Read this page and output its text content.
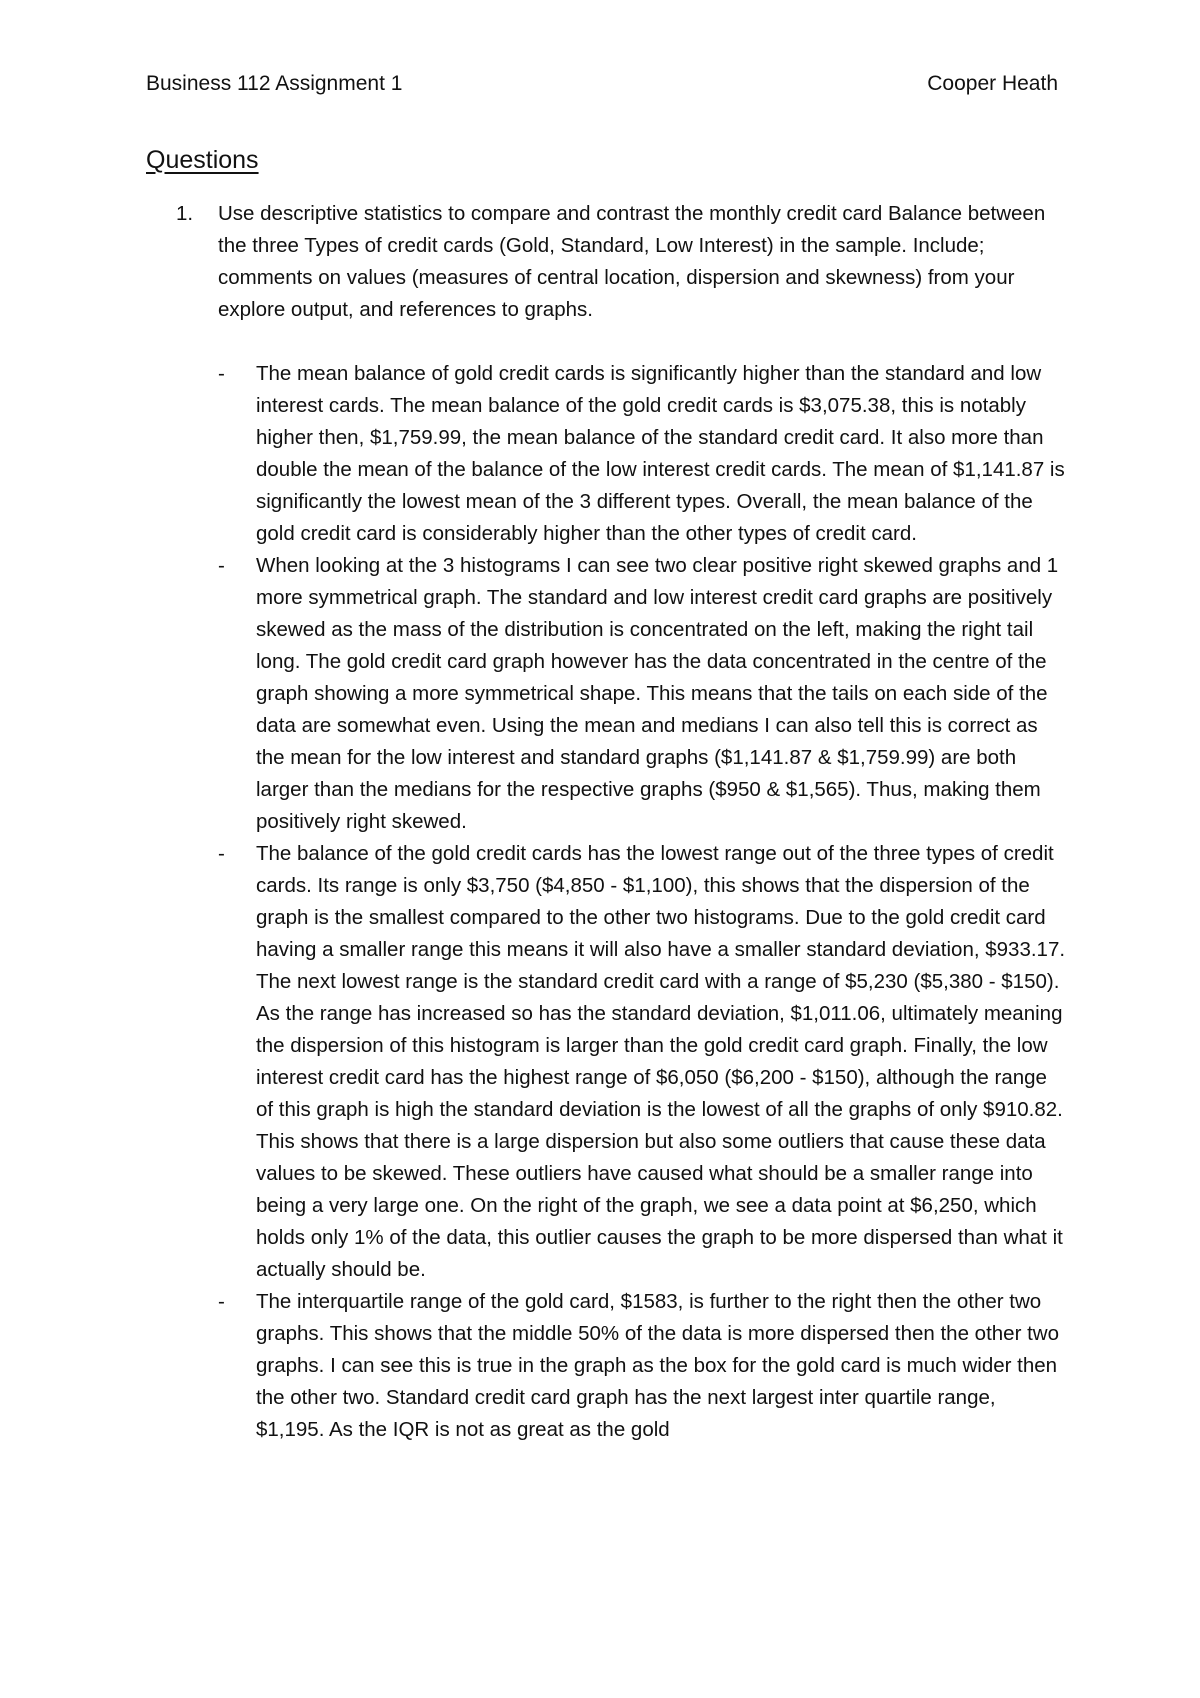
Business 112 Assignment 1	Cooper Heath
Questions
1. Use descriptive statistics to compare and contrast the monthly credit card Balance between the three Types of credit cards (Gold, Standard, Low Interest) in the sample. Include; comments on values (measures of central location, dispersion and skewness) from your explore output, and references to graphs.
- The mean balance of gold credit cards is significantly higher than the standard and low interest cards. The mean balance of the gold credit cards is $3,075.38, this is notably higher then, $1,759.99, the mean balance of the standard credit card. It also more than double the mean of the balance of the low interest credit cards. The mean of $1,141.87 is significantly the lowest mean of the 3 different types. Overall, the mean balance of the gold credit card is considerably higher than the other types of credit card.
- When looking at the 3 histograms I can see two clear positive right skewed graphs and 1 more symmetrical graph. The standard and low interest credit card graphs are positively skewed as the mass of the distribution is concentrated on the left, making the right tail long. The gold credit card graph however has the data concentrated in the centre of the graph showing a more symmetrical shape. This means that the tails on each side of the data are somewhat even. Using the mean and medians I can also tell this is correct as the mean for the low interest and standard graphs ($1,141.87 & $1,759.99) are both larger than the medians for the respective graphs ($950 & $1,565). Thus, making them positively right skewed.
- The balance of the gold credit cards has the lowest range out of the three types of credit cards. Its range is only $3,750 ($4,850 - $1,100), this shows that the dispersion of the graph is the smallest compared to the other two histograms. Due to the gold credit card having a smaller range this means it will also have a smaller standard deviation, $933.17. The next lowest range is the standard credit card with a range of $5,230 ($5,380 - $150). As the range has increased so has the standard deviation, $1,011.06, ultimately meaning the dispersion of this histogram is larger than the gold credit card graph. Finally, the low interest credit card has the highest range of $6,050 ($6,200 - $150), although the range of this graph is high the standard deviation is the lowest of all the graphs of only $910.82. This shows that there is a large dispersion but also some outliers that cause these data values to be skewed. These outliers have caused what should be a smaller range into being a very large one. On the right of the graph, we see a data point at $6,250, which holds only 1% of the data, this outlier causes the graph to be more dispersed than what it actually should be.
- The interquartile range of the gold card, $1583, is further to the right then the other two graphs. This shows that the middle 50% of the data is more dispersed then the other two graphs. I can see this is true in the graph as the box for the gold card is much wider then the other two. Standard credit card graph has the next largest inter quartile range, $1,195. As the IQR is not as great as the gold
